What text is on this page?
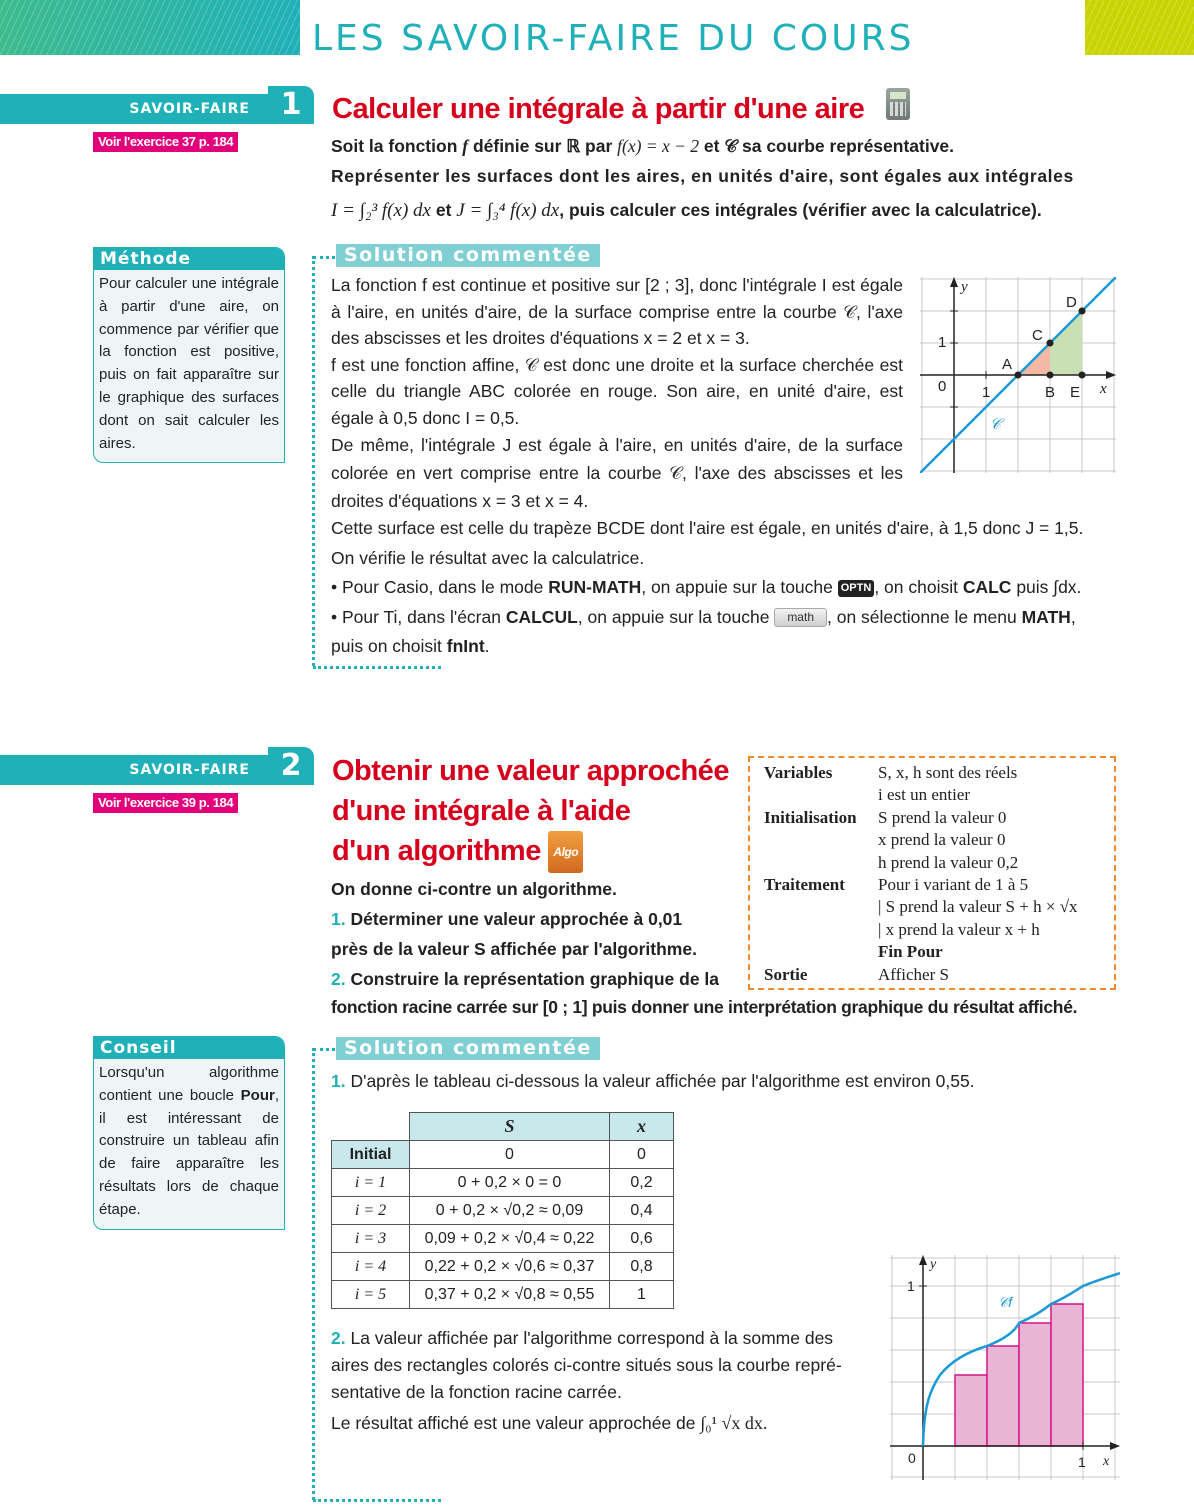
LES SAVOIR-FAIRE DU COURS
SAVOIR-FAIRE	1
Voir l'exercice 37 p. 184
Calculer une intégrale à partir d'une aire
Soit la fonction f définie sur ℝ par f(x) = x − 2 et 𝒞 sa courbe représentative.
Représenter les surfaces dont les aires, en unités d'aire, sont égales aux intégrales
I = ∫₂³ f(x) dx et J = ∫₃⁴ f(x) dx, puis calculer ces intégrales (vérifier avec la calculatrice).
Méthode
Pour calculer une intégrale à partir d'une aire, on commence par vérifier que la fonction est positive, puis on fait apparaître sur le graphique des surfaces dont on sait calculer les aires.
Solution commentée
La fonction f est continue et positive sur [2 ; 3], donc l'intégrale I est égale à l'aire, en unités d'aire, de la surface comprise entre la courbe 𝒞, l'axe des abscisses et les droites d'équations x = 2 et x = 3.
f est une fonction affine, 𝒞 est donc une droite et la surface cherchée est celle du triangle ABC colorée en rouge. Son aire, en unité d'aire, est égale à 0,5 donc I = 0,5.
De même, l'intégrale J est égale à l'aire, en unités d'aire, de la surface colorée en vert comprise entre la courbe 𝒞, l'axe des abscisses et les droites d'équations x = 3 et x = 4.
Cette surface est celle du trapèze BCDE dont l'aire est égale, en unités d'aire, à 1,5 donc J = 1,5.
On vérifie le résultat avec la calculatrice.
• Pour Casio, dans le mode RUN-MATH, on appuie sur la touche OPTN , on choisit CALC puis ∫dx.
• Pour Ti, dans l'écran CALCUL, on appuie sur la touche math , on sélectionne le menu MATH,
puis on choisit fnInt.
y
1
0 1	x
A
B
C
D
E
𝒞
SAVOIR-FAIRE	2
Voir l'exercice 39 p. 184
Obtenir une valeur approchée
d'une intégrale à l'aide
d'un algorithme Algo
On donne ci-contre un algorithme.
1. Déterminer une valeur approchée à 0,01
près de la valeur S affichée par l'algorithme.
2. Construire la représentation graphique de la
fonction racine carrée sur [0 ; 1] puis donner une interprétation graphique du résultat affiché.
Variables	S, x, h sont des réels
i est un entier
Initialisation	S prend la valeur 0
x prend la valeur 0
h prend la valeur 0,2
Traitement	Pour i variant de 1 à 5
| S prend la valeur S + h × √x
| x prend la valeur x + h
Fin Pour
Sortie	Afficher S
Conseil
Lorsqu'un algorithme contient une boucle Pour, il est intéressant de construire un tableau afin de faire apparaître les résultats lors de chaque étape.
Solution commentée
1. D'après le tableau ci-dessous la valeur affichée par l'algorithme est environ 0,55.
	S	x
Initial	0	0
i = 1	0 + 0,2 × 0 = 0	0,2
i = 2	0 + 0,2 × √0,2 ≈ 0,09	0,4
i = 3	0,09 + 0,2 × √0,4 ≈ 0,22	0,6
i = 4	0,22 + 0,2 × √0,6 ≈ 0,37	0,8
i = 5	0,37 + 0,2 × √0,8 ≈ 0,55	1
2. La valeur affichée par l'algorithme correspond à la somme des
aires des rectangles colorés ci-contre situés sous la courbe repré-
sentative de la fonction racine carrée.
Le résultat affiché est une valeur approchée de ∫₀¹ √x dx.
y
1
0	1 x
𝒞f
